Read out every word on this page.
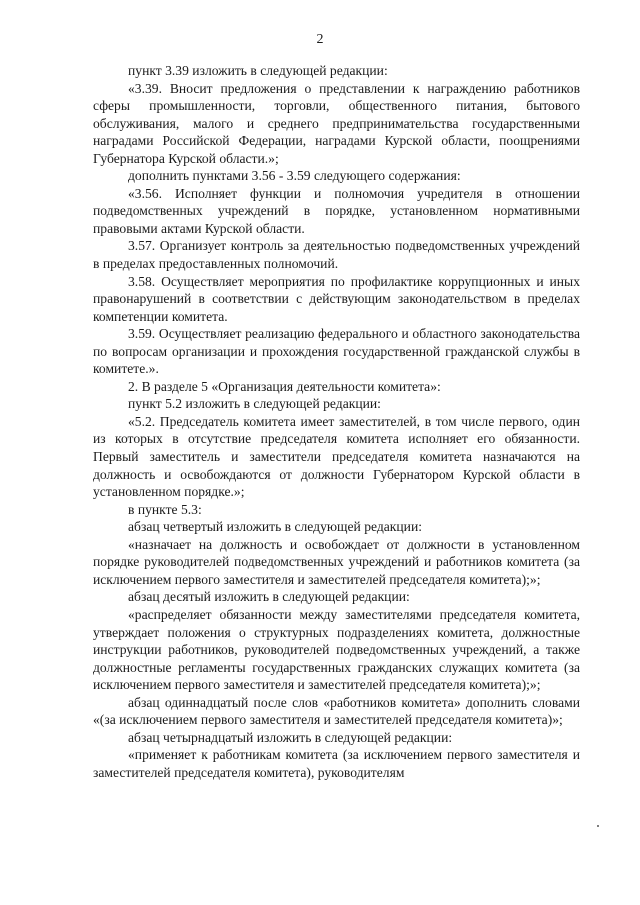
2

пункт 3.39 изложить в следующей редакции:

«3.39. Вносит предложения о представлении к награждению работников сферы промышленности, торговли, общественного питания, бытового обслуживания, малого и среднего предпринимательства государственными наградами Российской Федерации, наградами Курской области, поощрениями Губернатора Курской области.»;

дополнить пунктами 3.56 - 3.59 следующего содержания:

«3.56. Исполняет функции и полномочия учредителя в отношении подведомственных учреждений в порядке, установленном нормативными правовыми актами Курской области.

3.57. Организует контроль за деятельностью подведомственных учреждений в пределах предоставленных полномочий.

3.58. Осуществляет мероприятия по профилактике коррупционных и иных правонарушений в соответствии с действующим законодательством в пределах компетенции комитета.

3.59. Осуществляет реализацию федерального и областного законодательства по вопросам организации и прохождения государственной гражданской службы в комитете.».

2. В разделе 5 «Организация деятельности комитета»:

пункт 5.2 изложить в следующей редакции:

«5.2. Председатель комитета имеет заместителей, в том числе первого, один из которых в отсутствие председателя комитета исполняет его обязанности. Первый заместитель и заместители председателя комитета назначаются на должность и освобождаются от должности Губернатором Курской области в установленном порядке.»;

в пункте 5.3:

абзац четвертый изложить в следующей редакции:

«назначает на должность и освобождает от должности в установленном порядке руководителей подведомственных учреждений и работников комитета (за исключением первого заместителя и заместителей председателя комитета);»;

абзац десятый изложить в следующей редакции:

«распределяет обязанности между заместителями председателя комитета, утверждает положения о структурных подразделениях комитета, должностные инструкции работников, руководителей подведомственных учреждений, а также должностные регламенты государственных гражданских служащих комитета (за исключением первого заместителя и заместителей председателя комитета);»;

абзац одиннадцатый после слов «работников комитета» дополнить словами «(за исключением первого заместителя и заместителей председателя комитета)»;

абзац четырнадцатый изложить в следующей редакции:

«применяет к работникам комитета (за исключением первого заместителя и заместителей председателя комитета), руководителям
